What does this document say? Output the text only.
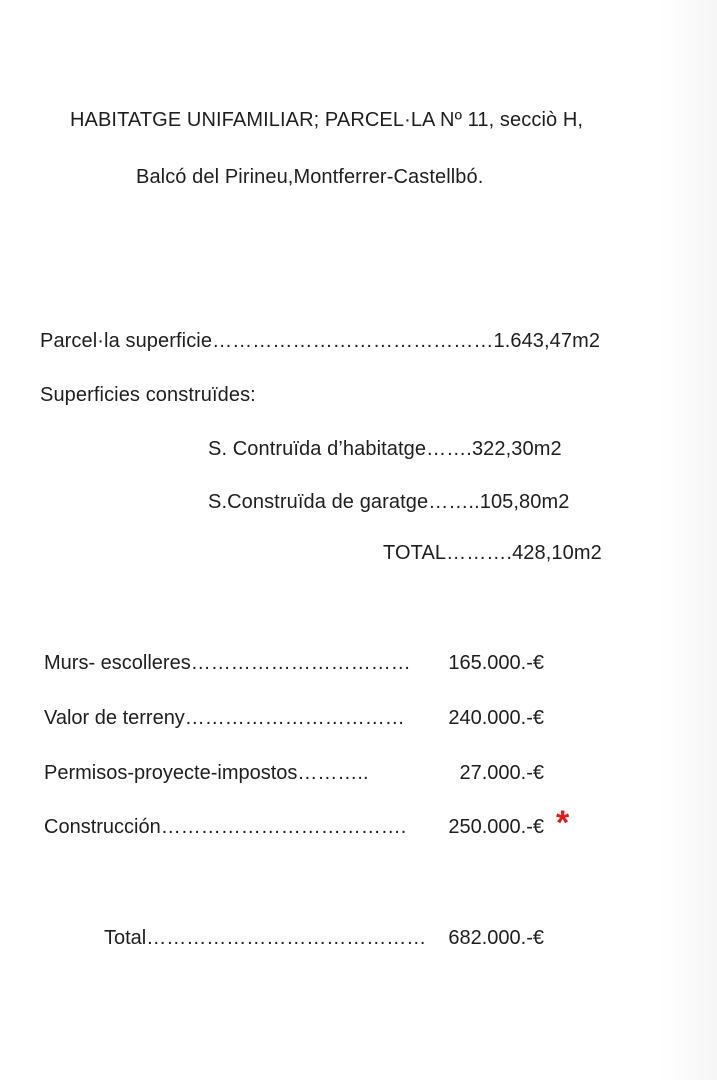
HABITATGE UNIFAMILIAR; PARCEL·LA Nº 11, secciò H,
Balcó del Pirineu,Montferrer-Castellbó.
Parcel·la superficie……………………………………1.643,47m2
Superficies construïdes:
S. Contruïda d’habitatge…….322,30m2
S.Construïda de garatge……..105,80m2
TOTAL……….428,10m2
Murs- escolleres…………………………… 165.000.-€
Valor de terreny…………………………… 240.000.-€
Permisos-proyecte-impostos………..	27.000.-€
Construcción………………………………. 250.000.-€ *
Total…………………………………… 682.000.-€
